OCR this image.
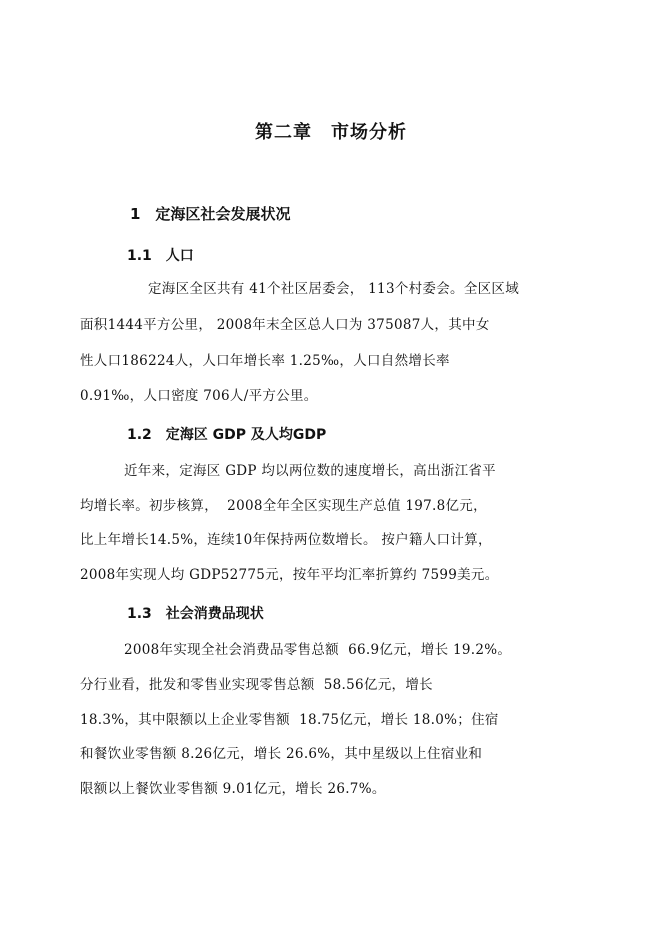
第二章　市场分析
1　定海区社会发展状况
1.1　人口
定海区全区共有 41个社区居委会， 113个村委会。全区区域
面积1444平方公里， 2008年末全区总人口为 375087人，其中女
性人口186224人，人口年增长率 1.25‰，人口自然增长率
0.91‰，人口密度 706人/平方公里。
1.2　定海区 GDP 及人均GDP
近年来，定海区 GDP 均以两位数的速度增长，高出浙江省平
均增长率。初步核算，  2008全年全区实现生产总值 197.8亿元，
比上年增长14.5%，连续10年保持两位数增长。 按户籍人口计算，
2008年实现人均 GDP52775元，按年平均汇率折算约 7599美元。
1.3　社会消费品现状
2008年实现全社会消费品零售总额  66.9亿元，增长 19.2%。
分行业看，批发和零售业实现零售总额  58.56亿元，增长
18.3%，其中限额以上企业零售额  18.75亿元，增长 18.0%；住宿
和餐饮业零售额 8.26亿元，增长 26.6%，其中星级以上住宿业和
限额以上餐饮业零售额 9.01亿元，增长 26.7%。
